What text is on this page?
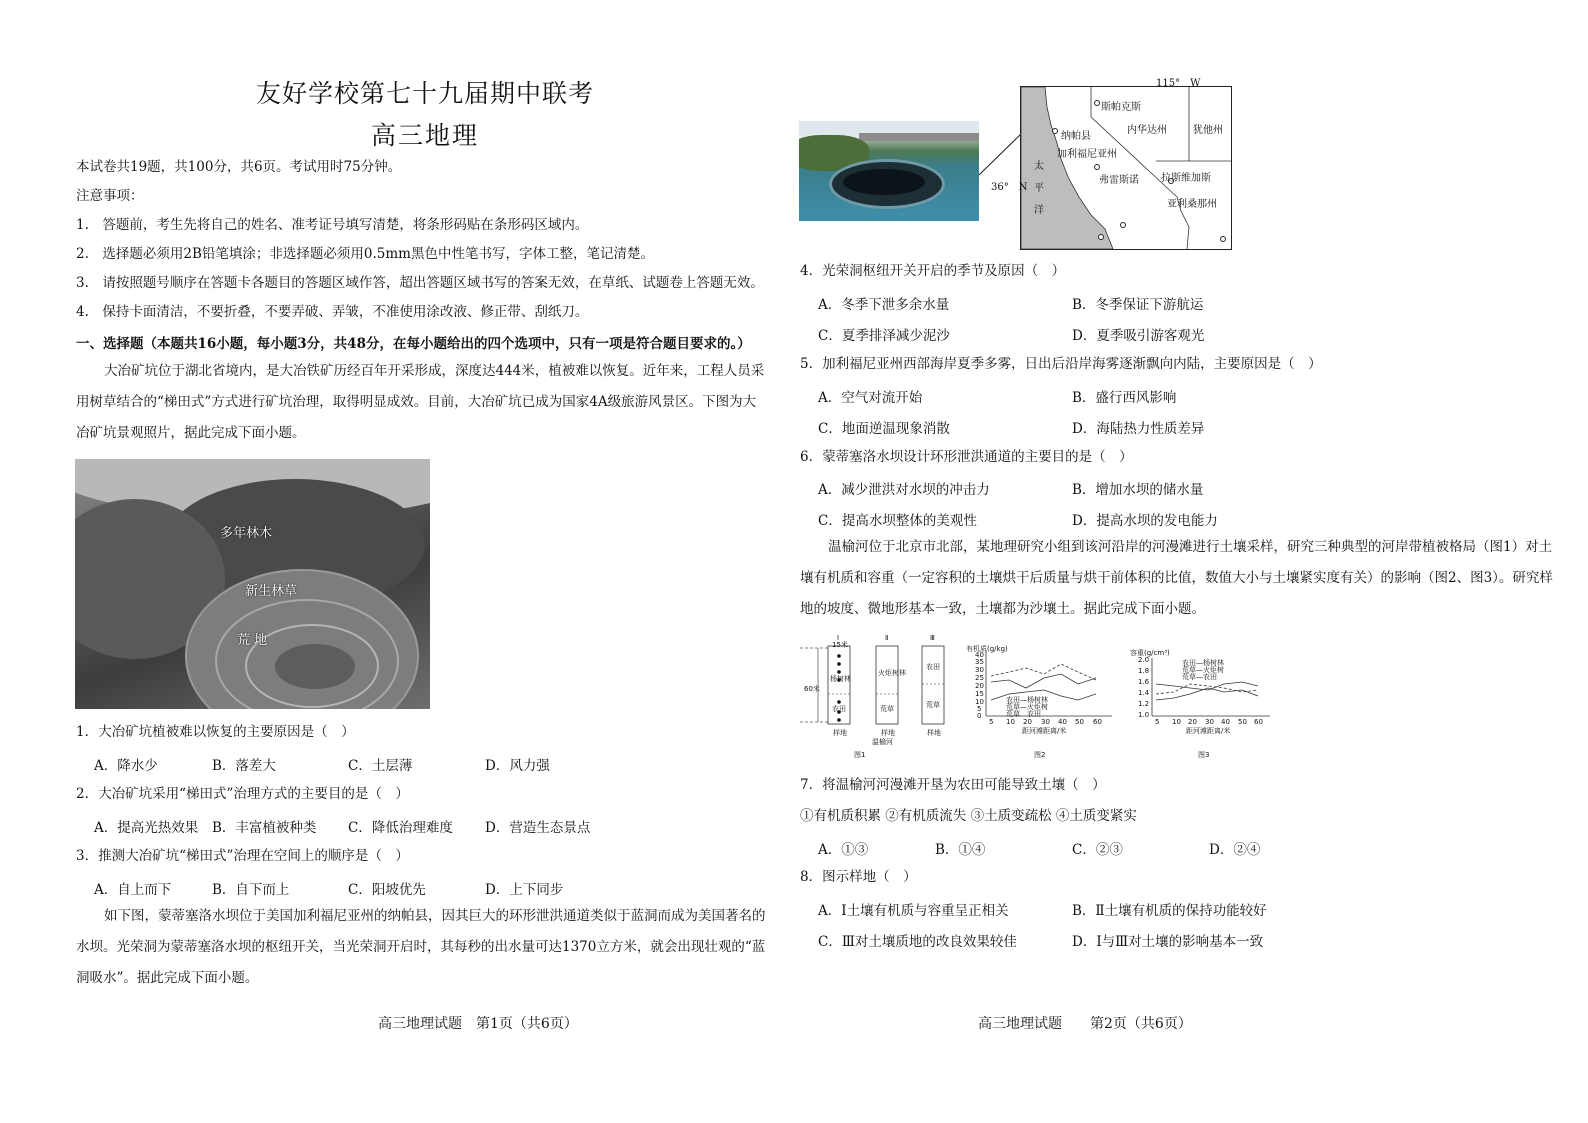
友好学校第七十九届期中联考
高三地理
本试卷共19题，共100分，共6页。考试用时75分钟。
注意事项：
1.　答题前，考生先将自己的姓名、准考证号填写清楚，将条形码贴在条形码区域内。
2.　选择题必须用2B铅笔填涂；非选择题必须用0.5mm黑色中性笔书写，字体工整，笔记清楚。
3.　请按照题号顺序在答题卡各题目的答题区域作答，超出答题区域书写的答案无效，在草纸、试题卷上答题无效。
4.　保持卡面清洁，不要折叠，不要弄破、弄皱，不准使用涂改液、修正带、刮纸刀。
一、选择题（本题共16小题，每小题3分，共48分，在每小题给出的四个选项中，只有一项是符合题目要求的。）
大冶矿坑位于湖北省境内，是大冶铁矿历经百年开采形成，深度达444米，植被难以恢复。近年来，工程人员采用树草结合的“梯田式”方式进行矿坑治理，取得明显成效。目前，大冶矿坑已成为国家4A级旅游风景区。下图为大冶矿坑景观照片，据此完成下面小题。
多年林木
新生林草
荒 地
1．大冶矿坑植被难以恢复的主要原因是（　）
A．降水少	B．落差大	C．土层薄	D．风力强
2．大冶矿坑采用“梯田式”治理方式的主要目的是（　）
A．提高光热效果 B．丰富植被种类 C．降低治理难度 D．营造生态景点
3．推测大冶矿坑“梯田式”治理在空间上的顺序是（　）
A．自上而下	B．自下而上	C．阳坡优先	D．上下同步
如下图，蒙蒂塞洛水坝位于美国加利福尼亚州的纳帕县，因其巨大的环形泄洪通道类似于蓝洞而成为美国著名的水坝。光荣洞为蒙蒂塞洛水坝的枢纽开关，当光荣洞开启时，其每秒的出水量可达1370立方米，就会出现壮观的“蓝洞吸水”。据此完成下面小题。
高三地理试题　第1页（共6页）
斯帕克斯
纳帕县
加利福尼亚州
弗雷斯诺
内华达州	犹他州
拉斯维加斯
亚利桑那州
太
平
洋
115°　W
36°　N
4．光荣洞枢纽开关开启的季节及原因（　）
A．冬季下泄多余水量	B．冬季保证下游航运
C．夏季排泽减少泥沙	D．夏季吸引游客观光
5．加利福尼亚州西部海岸夏季多雾，日出后沿岸海雾逐渐飘向内陆，主要原因是（　）
A．空气对流开始	B．盛行西风影响
C．地面逆温现象消散	D．海陆热力性质差异
6．蒙蒂塞洛水坝设计环形泄洪通道的主要目的是（　）
A．减少泄洪对水坝的冲击力	B．增加水坝的储水量
C．提高水坝整体的美观性	D．提高水坝的发电能力
温榆河位于北京市北部，某地理研究小组到该河沿岸的河漫滩进行土壤采样，研究三种典型的河岸带植被格局（图1）对土壤有机质和容重（一定容积的土壤烘干后质量与烘干前体积的比值，数值大小与土壤紧实度有关）的影响（图2、图3）。研究样地的坡度、微地形基本一致，土壤都为沙壤土。据此完成下面小题。
Ⅰ	Ⅱ	Ⅲ
15米
杨树林
农田
火炬树林
荒草
农田
荒草
60米
样地	样地	样地
温榆河
图1
有机质(g/kg)
40
35
30
25
20
15
10
5
0
5 10 20 30 40 50 60
距河滩距离/米
农田—杨树林
荒草—火炬树
荒草　农田
图2
容重(g/cm³)
2.0
1.8
1.6
1.4
1.2
1.0
5 10 20 30 40 50 60
距河滩距离/米
农田—杨树林
荒草—火炬树
荒草—农田
图3
7．将温榆河河漫滩开垦为农田可能导致土壤（　）
①有机质积累 ②有机质流失 ③土质变疏松 ④土质变紧实
A．①③	B．①④	C．②③	D．②④
8．图示样地（　）
A．Ⅰ土壤有机质与容重呈正相关	B．Ⅱ土壤有机质的保持功能较好
C．Ⅲ对土壤质地的改良效果较佳	D．Ⅰ与Ⅲ对土壤的影响基本一致
高三地理试题　　第2页（共6页）
